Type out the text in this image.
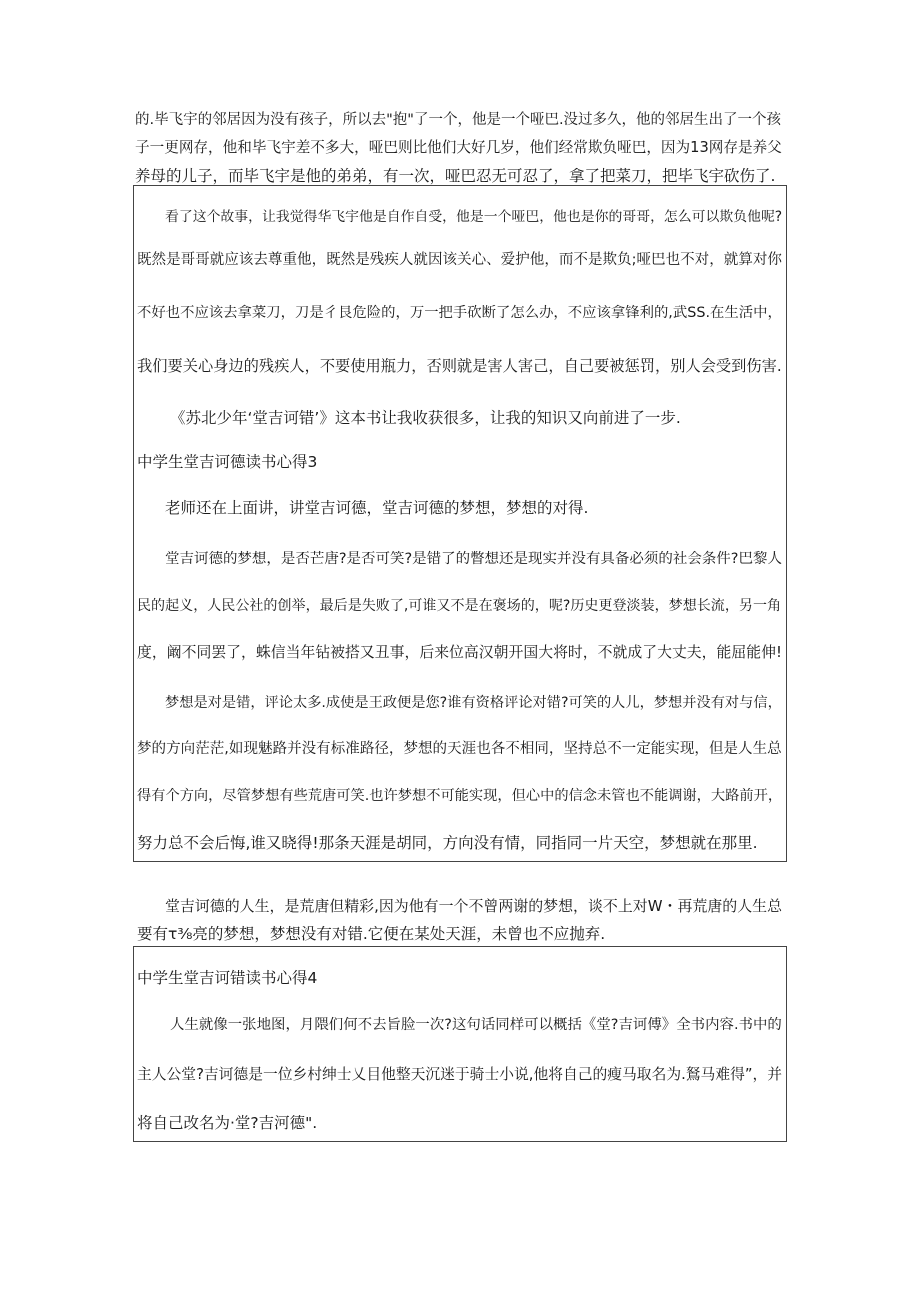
的.毕飞宇的邻居因为没有孩子，所以去"抱"了一个，他是一个哑巴.没过多久，他的邻居生出了一个孩
子一更网存，他和毕飞宇差不多大，哑巴则比他们大好几岁，他们经常欺负哑巴，因为13网存是养父
养母的儿子，而毕飞宇是他的弟弟，有一次，哑巴忍无可忍了，拿了把菜刀，把毕飞宇砍伤了.
看了这个故事，让我觉得华飞宇他是自作自受，他是一个哑巴，他也是你的哥哥，怎么可以欺负他呢?
既然是哥哥就应该去尊重他，既然是残疾人就因该关心、爱护他，而不是欺负;哑巴也不对，就算对你
不好也不应该去拿菜刀，刀是彳艮危险的，万一把手砍断了怎么办，不应该拿锋利的,武SS.在生活中，
我们要关心身边的残疾人，不要使用瓶力，否则就是害人害己，自己要被惩罚，别人会受到伤害.
《苏北少年‘堂吉诃错’》这本书让我收获很多，让我的知识又向前进了一步.
中学生堂吉诃德读书心得3
老师还在上面讲，讲堂吉诃德，堂吉诃德的梦想，梦想的对得.
堂吉诃德的梦想，是否芒唐?是否可笑?是错了的瞥想还是现实并没有具备必须的社会条件?巴黎人
民的起义，人民公社的创举，最后是失败了,可谁又不是在褒场的，呢?历史更登淡装，梦想长流，另一角
度，阚不同罢了，蛛信当年钻被搭又丑事，后来位高汉朝开国大将时，不就成了大丈夫，能屈能伸!
梦想是对是错，评论太多.成使是王政便是您?谁有资格评论对错?可笑的人儿，梦想并没有对与信，
梦的方向茫茫,如现魅路并没有标准路径，梦想的天涯也各不相同，坚持总不一定能实现，但是人生总
得有个方向，尽管梦想有些荒唐可笑.也许梦想不可能实现，但心中的信念未管也不能调谢，大路前开，
努力总不会后悔,谁又晓得!那条天涯是胡同，方向没有情，同指同一片天空，梦想就在那里.
堂吉诃德的人生，是荒唐但精彩,因为他有一个不曾两谢的梦想，谈不上对W・再荒唐的人生总
要有τ⅜亮的梦想，梦想没有对错.它便在某处天涯，未曾也不应抛弃.
中学生堂吉诃错读书心得4
人生就像一张地图，月隈们何不去旨脸一次?这句话同样可以概括《堂?吉诃傅》全书内容.书中的
主人公堂?吉诃德是一位乡村绅士乂目他整天沉迷于骑士小说,他将自己的瘦马取名为.鴑马难得”，并
将自己改名为·堂?吉河德".
